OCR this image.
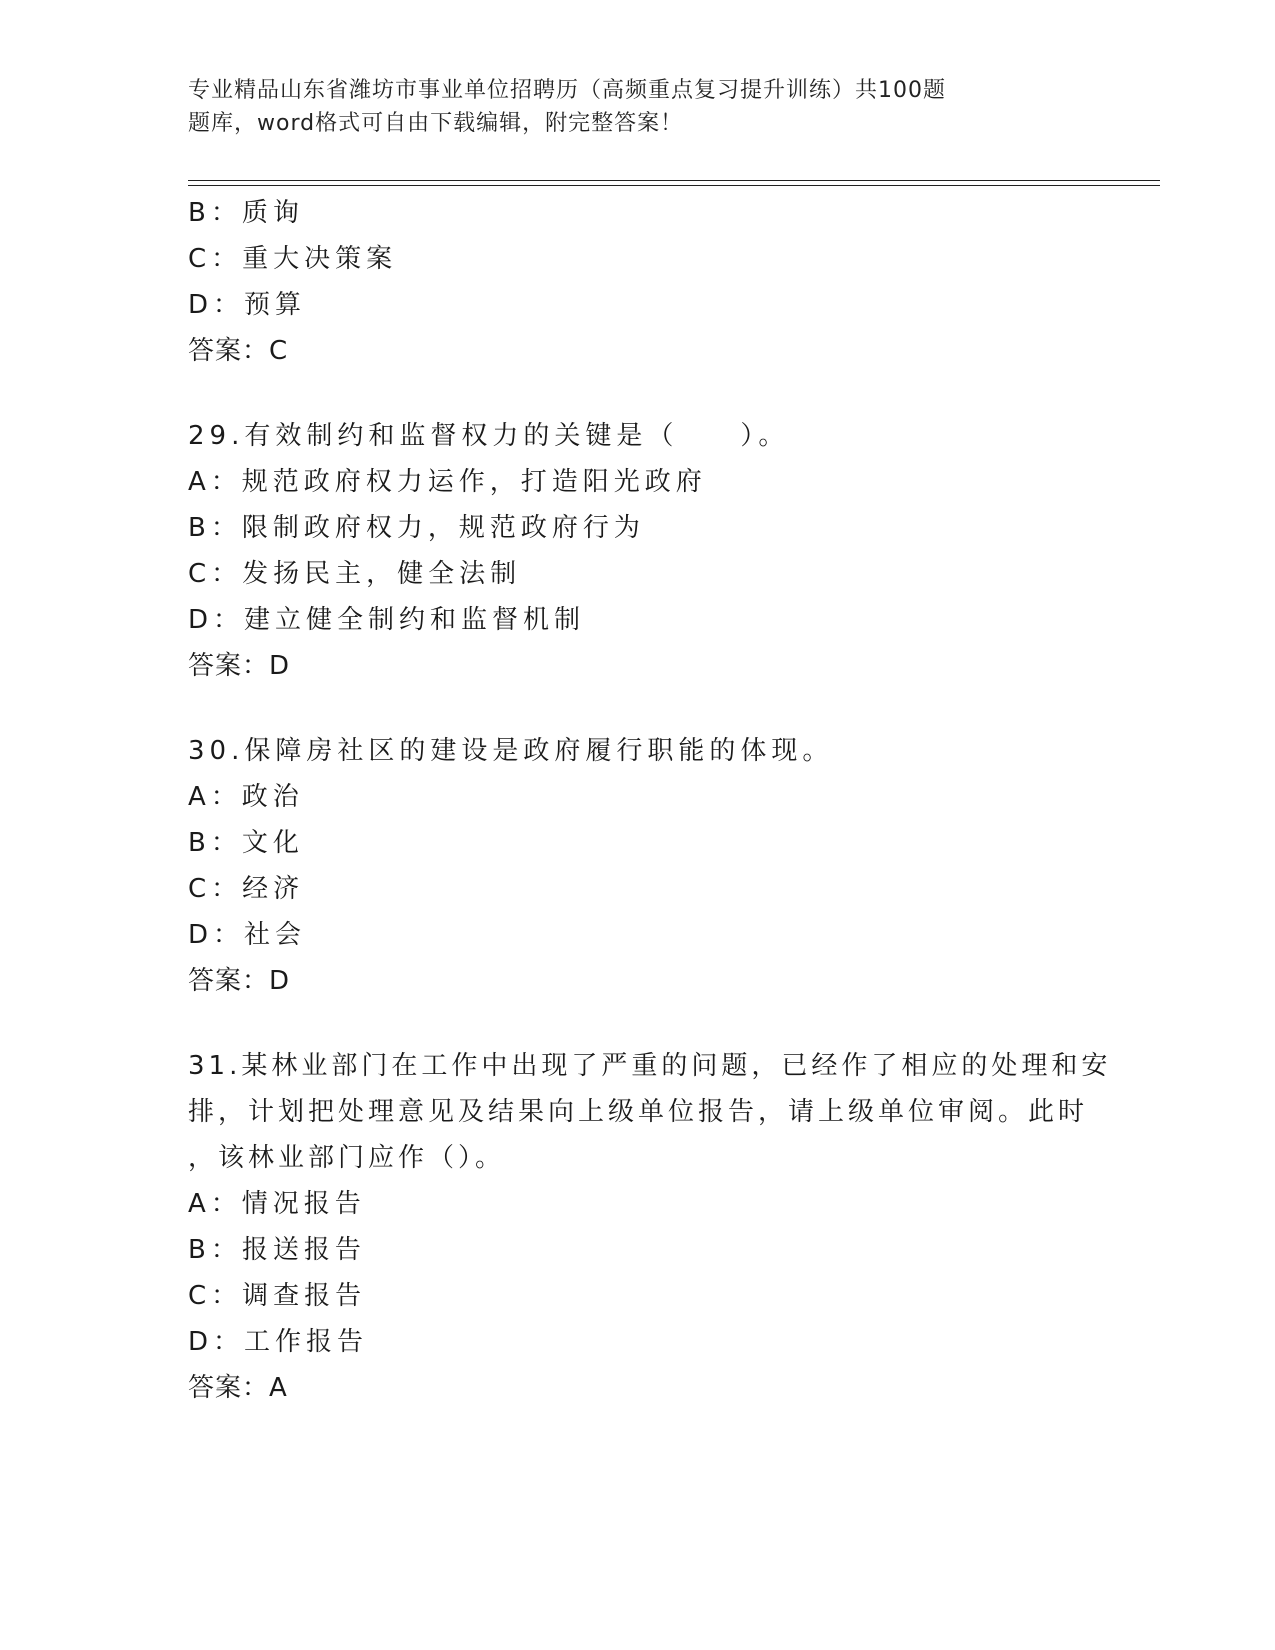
专业精品山东省潍坊市事业单位招聘历（高频重点复习提升训练）共100题
题库，word格式可自由下载编辑，附完整答案！
B：质询
C：重大决策案
D：预算
答案：C
29.有效制约和监督权力的关键是（　　）。
A：规范政府权力运作，打造阳光政府
B：限制政府权力，规范政府行为
C：发扬民主，健全法制
D：建立健全制约和监督机制
答案：D
30.保障房社区的建设是政府履行职能的体现。
A：政治
B：文化
C：经济
D：社会
答案：D
31.某林业部门在工作中出现了严重的问题，已经作了相应的处理和安
排，计划把处理意见及结果向上级单位报告，请上级单位审阅。此时
，该林业部门应作（）。
A：情况报告
B：报送报告
C：调查报告
D：工作报告
答案：A
